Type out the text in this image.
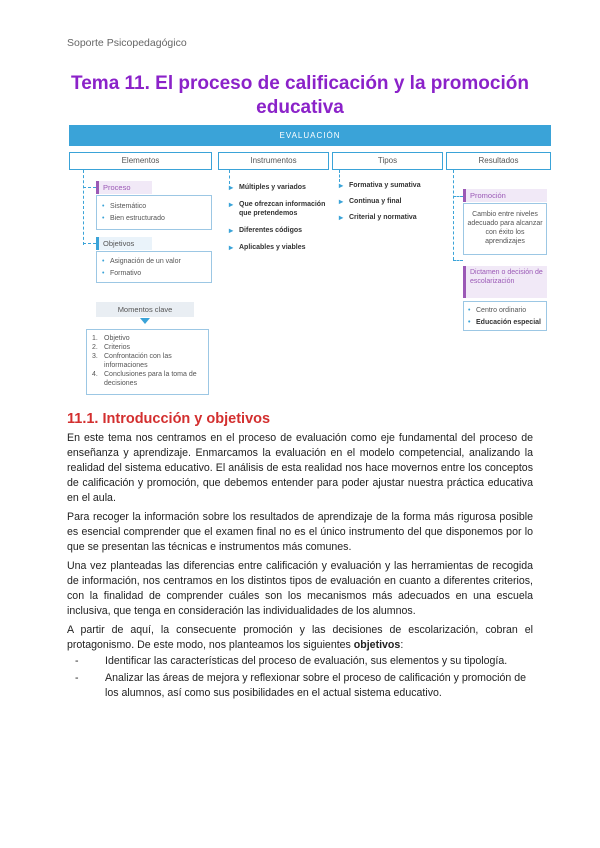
Soporte Psicopedagógico
Tema 11. El proceso de calificación y la promoción educativa
EVALUACIÓN
Elementos	Instrumentos	Tipos	Resultados
Proceso
• Sistemático
• Bien estructurado
Objetivos
• Asignación de un valor
• Formativo
▸ Múltiples y variados
▸ Que ofrezcan información que pretendemos
▸ Diferentes códigos
▸ Aplicables y viables
▸ Formativa y sumativa
▸ Continua y final
▸ Criterial y normativa
Promoción
Cambio entre niveles adecuado para alcanzar con éxito los aprendizajes
Dictamen o decisión de escolarización
• Centro ordinario
• Educación especial
Momentos clave
1. Objetivo
2. Criterios
3. Confrontación con las informaciones
4. Conclusiones para la toma de decisiones
11.1. Introducción y objetivos

En este tema nos centramos en el proceso de evaluación como eje fundamental del proceso de enseñanza y aprendizaje. Enmarcamos la evaluación en el modelo competencial, analizando la realidad del sistema educativo. El análisis de esta realidad nos hace movernos entre los conceptos de calificación y promoción, que debemos entender para poder ajustar nuestra práctica educativa en el aula.

Para recoger la información sobre los resultados de aprendizaje de la forma más rigurosa posible es esencial comprender que el examen final no es el único instrumento del que disponemos por lo que se presentan las técnicas e instrumentos más comunes.

Una vez planteadas las diferencias entre calificación y evaluación y las herramientas de recogida de información, nos centramos en los distintos tipos de evaluación en cuanto a diferentes criterios, con la finalidad de comprender cuáles son los mecanismos más adecuados en una escuela inclusiva, que tenga en consideración las individualidades de los alumnos.

A partir de aquí, la consecuente promoción y las decisiones de escolarización, cobran el protagonismo. De este modo, nos planteamos los siguientes objetivos:

- Identificar las características del proceso de evaluación, sus elementos y su tipología.
- Analizar las áreas de mejora y reflexionar sobre el proceso de calificación y promoción de los alumnos, así como sus posibilidades en el actual sistema educativo.
